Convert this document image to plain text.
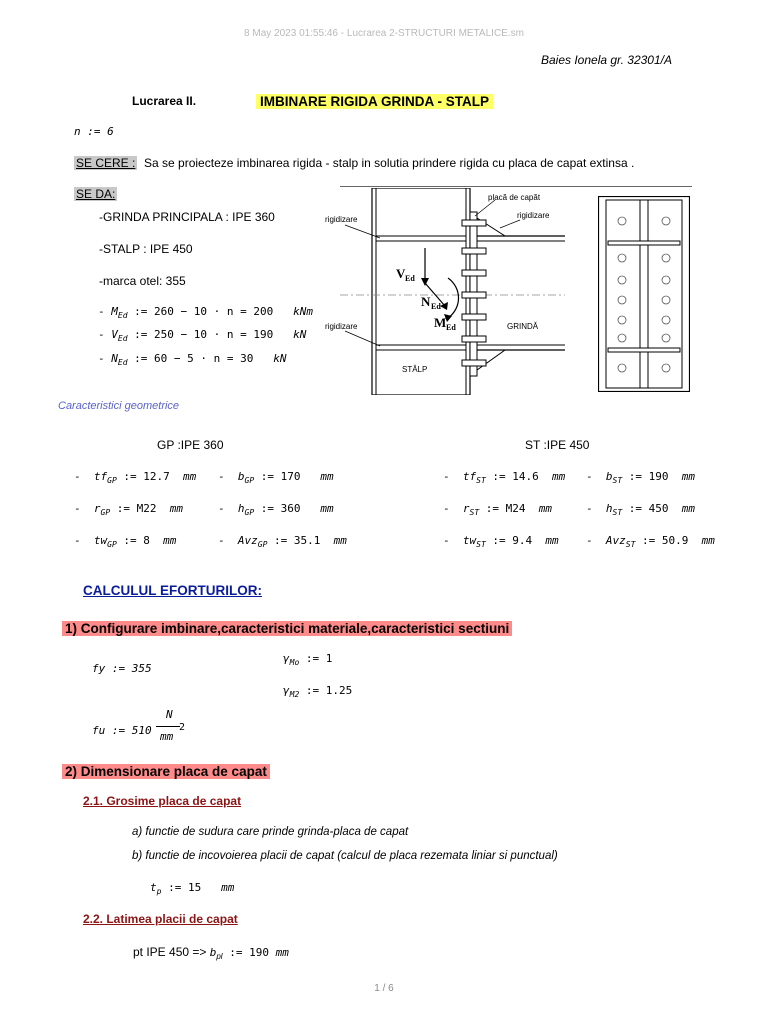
8 May 2023 01:55:46 - Lucrarea 2-STRUCTURI METALICE.sm
Baies Ionela gr. 32301/A
Lucrarea II.	IMBINARE RIGIDA GRINDA - STALP
n := 6
SE CERE : Sa se proiecteze imbinarea rigida - stalp in solutia prindere rigida cu placa de capat extinsa .
SE DA:
-GRINDA PRINCIPALA : IPE 360
-STALP : IPE 450
-marca otel: 355
- $M_{Ed}$ := 260 − 10 · n = 200 kNm
- $V_{Ed}$ := 250 − 10 · n = 190 kN
- $N_{Ed}$ := 60 − 5 · n = 30 kN
rigidizare
rigidizare
placă de capăt
rigidizare
GRINDĂ
STÂLP
V Ed
N Ed
M Ed
Caracteristici geometrice
GP :IPE 360	ST :IPE 450
- $tf_{GP}$ := 12.7 mm - $b_{GP}$ := 170 mm
- $r_{GP}$ := M22 mm	- $h_{GP}$ := 360 mm
- $tw_{GP}$ := 8 mm	- Avz$_{GP}$ := 35.1 mm
- $tf_{ST}$ := 14.6 mm - $b_{ST}$ := 190 mm
- $r_{ST}$ := M24 mm	- $h_{ST}$ := 450 mm
- $tw_{ST}$ := 9.4 mm - Avz$_{ST}$ := 50.9 mm
CALCULUL EFORTURILOR:
1) Configurare imbinare,caracteristici materiale,caracteristici sectiuni
fy := 355
$\gamma_{Mo}$ := 1
$\gamma_{M2}$ := 1.25
fu := 510
N
mm
2
2) Dimensionare placa de capat
2.1. Grosime placa de capat
a) functie de sudura care prinde grinda-placa de capat
b) functie de incovoierea placii de capat (calcul de placa rezemata liniar si punctual)
$t_p$ := 15 mm
2.2. Latimea placii de capat
pt IPE $450 => b_{pl}$ := 190 mm
1 / 6
